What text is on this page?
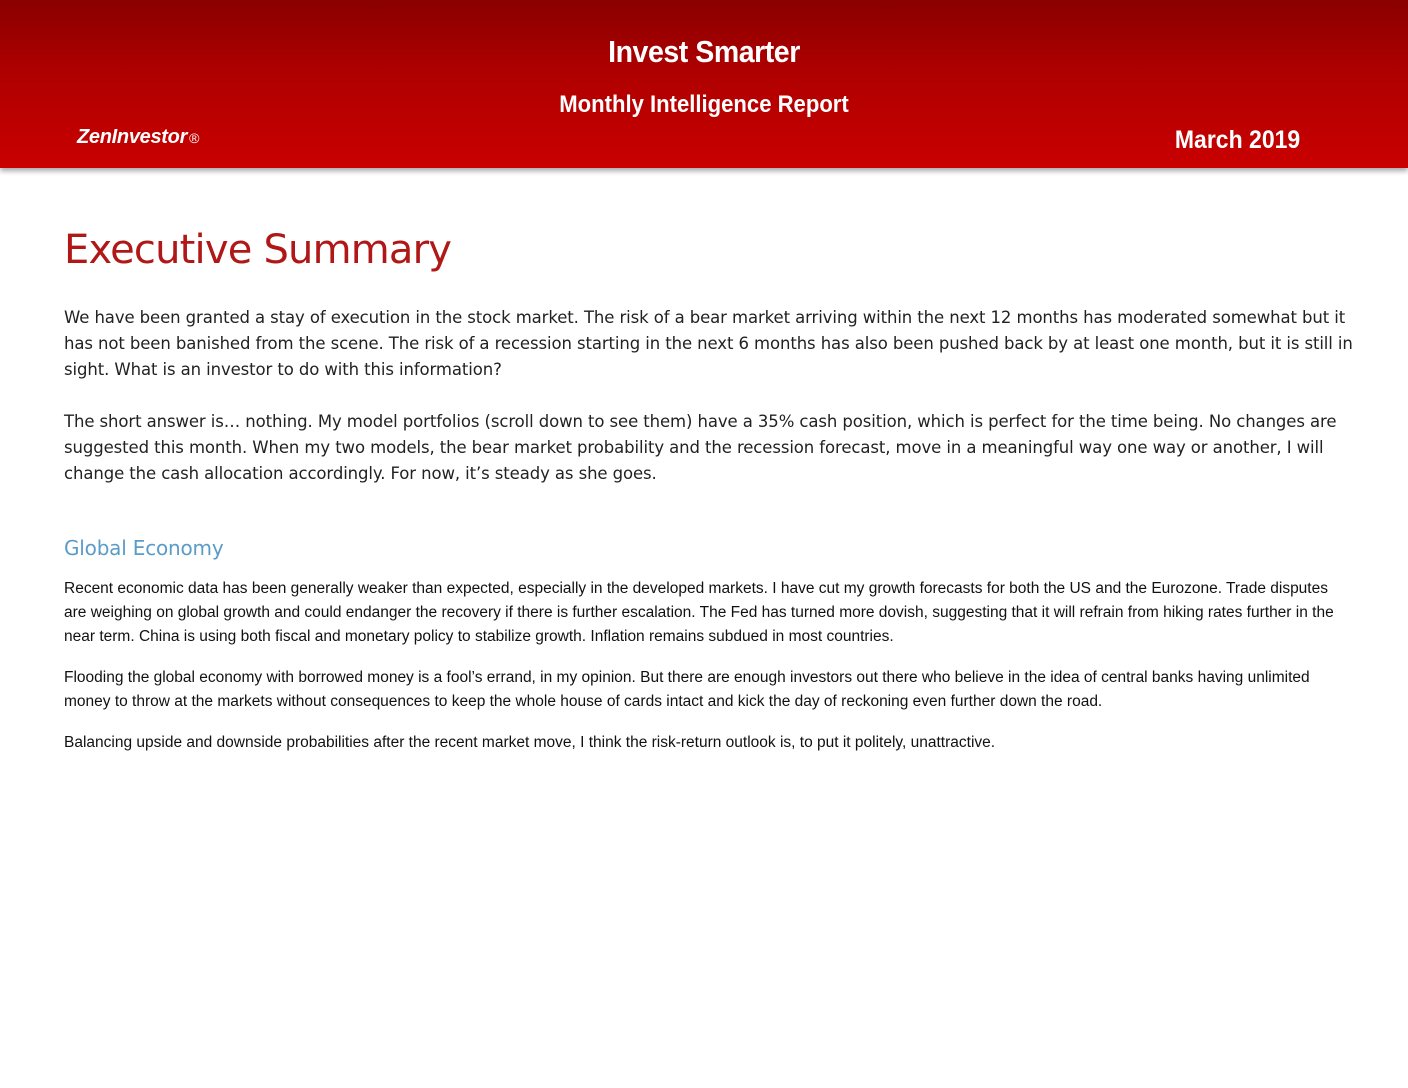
Invest Smarter
Monthly Intelligence Report
ZenInvestor ®	March 2019
Executive Summary

We have been granted a stay of execution in the stock market. The risk of a bear market arriving within the next 12 months has moderated somewhat but it has not been banished from the scene. The risk of a recession starting in the next 6 months has also been pushed back by at least one month, but it is still in sight. What is an investor to do with this information?

The short answer is… nothing. My model portfolios (scroll down to see them) have a 35% cash position, which is perfect for the time being. No changes are suggested this month. When my two models, the bear market probability and the recession forecast, move in a meaningful way one way or another, I will change the cash allocation accordingly. For now, it’s steady as she goes.

Global Economy

Recent economic data has been generally weaker than expected, especially in the developed markets. I have cut my growth forecasts for both the US and the Eurozone. Trade disputes are weighing on global growth and could endanger the recovery if there is further escalation. The Fed has turned more dovish, suggesting that it will refrain from hiking rates further in the near term. China is using both fiscal and monetary policy to stabilize growth. Inflation remains subdued in most countries.

Flooding the global economy with borrowed money is a fool’s errand, in my opinion. But there are enough investors out there who believe in the idea of central banks having unlimited money to throw at the markets without consequences to keep the whole house of cards intact and kick the day of reckoning even further down the road.

Balancing upside and downside probabilities after the recent market move, I think the risk-return outlook is, to put it politely, unattractive.
